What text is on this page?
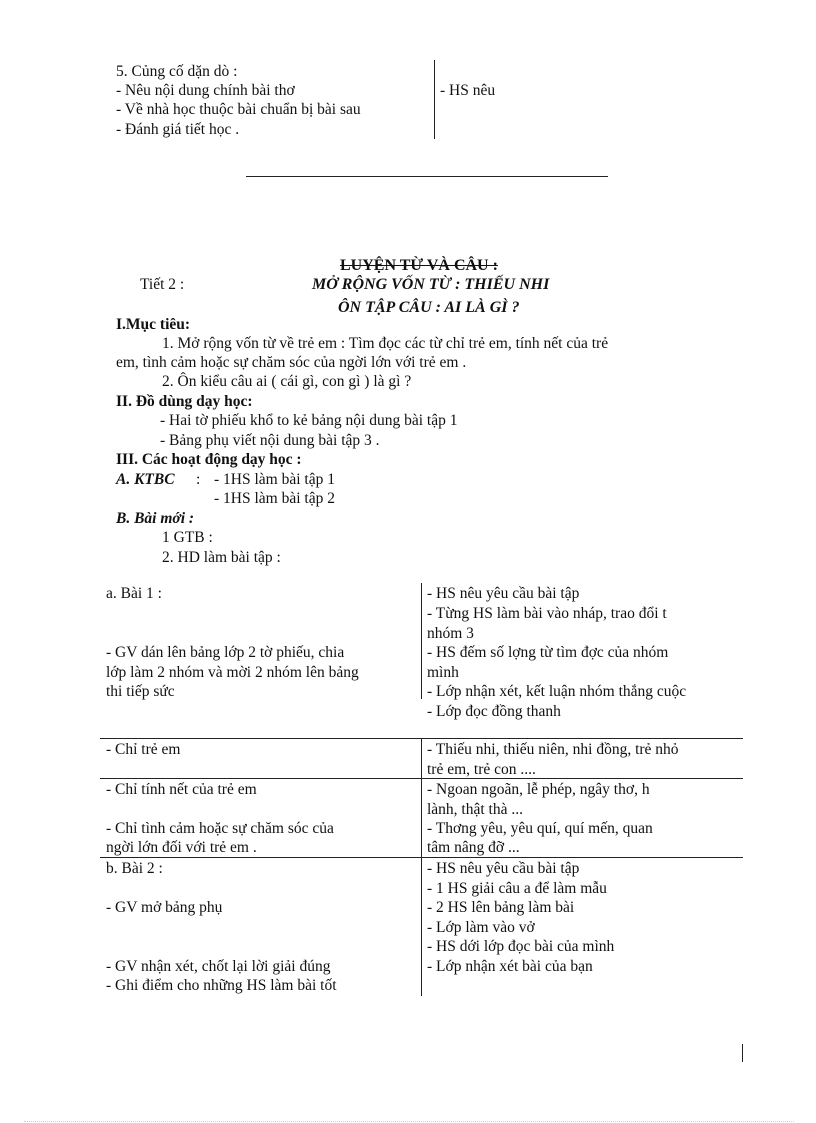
5. Củng cố dặn dò :
- Nêu nội dung chính bài thơ
- Về nhà học thuộc bài chuẩn bị bài sau
- Đánh giá tiết học .
- HS nêu
Tiết 2 :
LUYỆN TỪ VÀ CÂU :
MỞ RỘNG VỐN TỪ : THIẾU NHI
ÔN TẬP CÂU : AI LÀ GÌ ?
I.Mục tiêu:
1. Mở rộng vốn từ về trẻ em : Tìm đọc các từ chỉ trẻ em, tính nết của trẻ
em, tình cảm hoặc sự chăm sóc của ngời lớn với trẻ em .
2. Ôn kiểu câu ai ( cái gì, con gì ) là gì ?
II. Đồ dùng dạy học:
- Hai tờ phiếu khổ to kẻ bảng nội dung bài tập 1
- Bảng phụ viết nội dung bài tập 3 .
III. Các hoạt động dạy học :
A. KTBC : - 1HS làm bài tập 1
- 1HS làm bài tập 2
B. Bài mới :
1 GTB :
2. HD làm bài tập :
a. Bài 1 :
- GV dán lên bảng lớp 2 tờ phiếu, chia
lớp làm 2 nhóm và mời 2 nhóm lên bảng
thi tiếp sức
- HS nêu yêu cầu bài tập
- Từng HS làm bài vào nháp, trao đổi t
nhóm 3
- HS đếm số lợng từ tìm đợc của nhóm
mình
- Lớp nhận xét, kết luận nhóm thắng cuộc
- Lớp đọc đồng thanh
- Chỉ trẻ em	- Thiếu nhi, thiếu niên, nhi đồng, trẻ nhỏ
trẻ em, trẻ con ....
- Chỉ tính nết của trẻ em
- Chỉ tình cảm hoặc sự chăm sóc của
ngời lớn đối với trẻ em .
- Ngoan ngoãn, lễ phép, ngây thơ, h
lành, thật thà ...
- Thơng yêu, yêu quí, quí mến, quan
tâm nâng đỡ ...
b. Bài 2 :
- GV mở bảng phụ
- GV nhận xét, chốt lại lời giải đúng
- Ghi điểm cho những HS làm bài tốt
- HS nêu yêu cầu bài tập
- 1 HS giải câu a để làm mẫu
- 2 HS lên bảng làm bài
- Lớp làm vào vở
- HS dới lớp đọc bài của mình
- Lớp nhận xét bài của bạn
